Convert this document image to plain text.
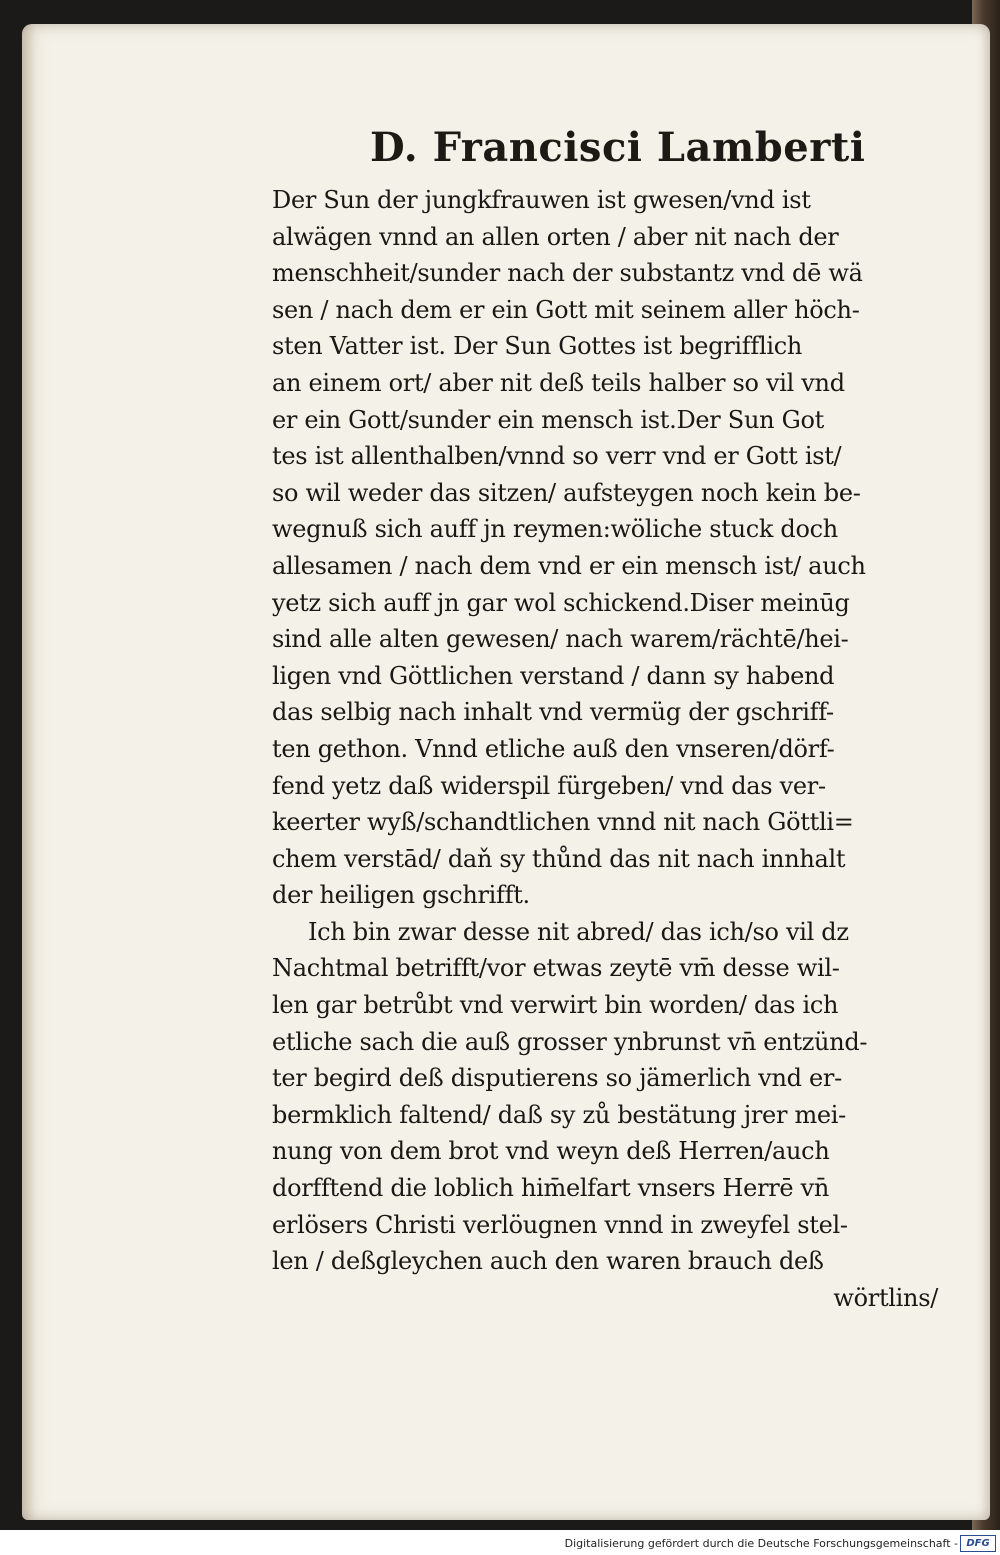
D. Francisci Lamberti
Der Sun der jungkfrauwen ist gwesen/vnd ist
alwägen vnnd an allen orten / aber nit nach der
menschheit/sunder nach der substantz vnd dē wä
sen / nach dem er ein Gott mit seinem aller höch-
sten Vatter ist. Der Sun Gottes ist begrifflich
an einem ort/ aber nit deß teils halber so vil vnd
er ein Gott/sunder ein mensch ist.Der Sun Got
tes ist allenthalben/vnnd so verr vnd er Gott ist/
so wil weder das sitzen/ aufsteygen noch kein be-
wegnuß sich auff jn reymen:wöliche stuck doch
allesamen / nach dem vnd er ein mensch ist/ auch
yetz sich auff jn gar wol schickend.Diser meinūg
sind alle alten gewesen/ nach warem/rächtē/hei-
ligen vnd Göttlichen verstand / dann sy habend
das selbig nach inhalt vnd vermüg der gschriff-
ten gethon. Vnnd etliche auß den vnseren/dörf-
fend yetz daß widerspil fürgeben/ vnd das ver-
keerter wyß/schandtlichen vnnd nit nach Göttli=
chem verstād/ daň sy thůnd das nit nach innhalt
der heiligen gschrifft.
Ich bin zwar desse nit abred/ das ich/so vil dz
Nachtmal betrifft/vor etwas zeytē vm̄ desse wil-
len gar betrůbt vnd verwirt bin worden/ das ich
etliche sach die auß grosser ynbrunst vn̄ entzünd-
ter begird deß disputierens so jämerlich vnd er-
bermklich faltend/ daß sy zů bestätung jrer mei-
nung von dem brot vnd weyn deß Herren/auch
dorfftend die loblich him̄elfart vnsers Herrē vn̄
erlösers Christi verlöugnen vnnd in zweyfel stel-
len / deßgleychen auch den waren brauch deß
wörtlins/
Digitalisierung gefördert durch die Deutsche Forschungsgemeinschaft - DFG
